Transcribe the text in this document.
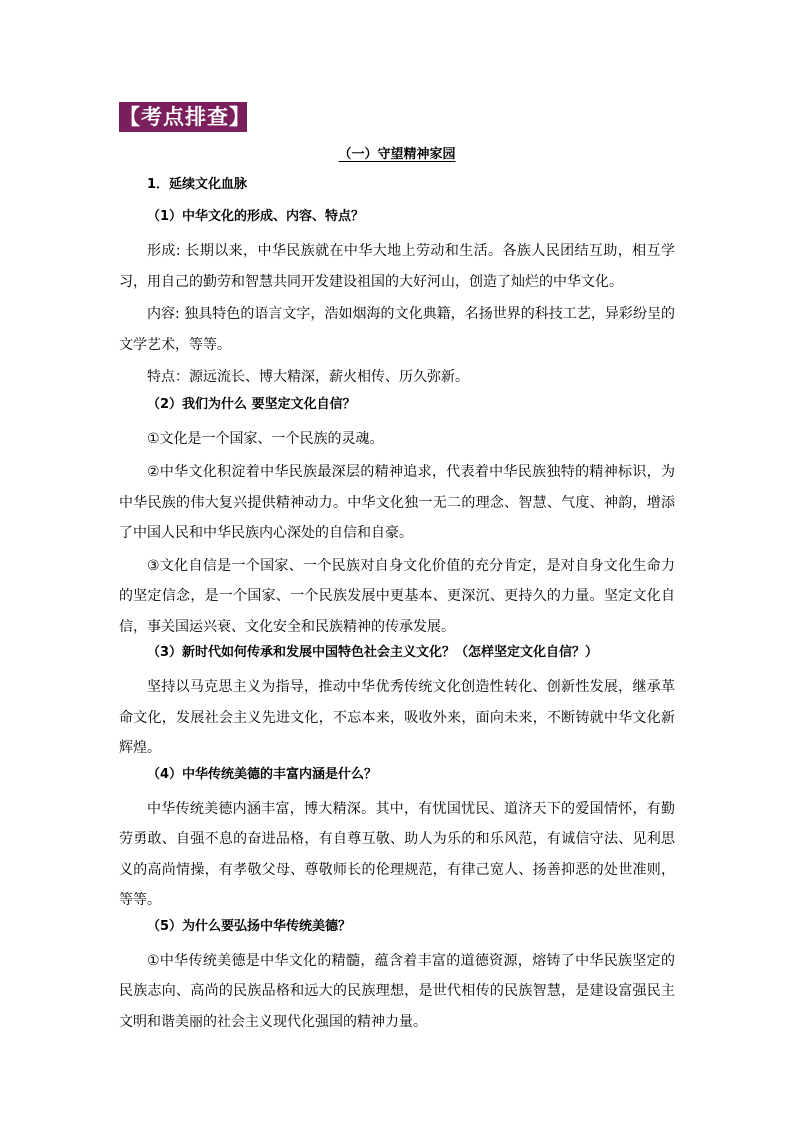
【考点排查】
（一）守望精神家园
1．延续文化血脉
（1）中华文化的形成、内容、特点？
形成: 长期以来，中华民族就在中华大地上劳动和生活。各族人民团结互助，相互学习，用自己的勤劳和智慧共同开发建设祖国的大好河山，创造了灿烂的中华文化。
内容: 独具特色的语言文字，浩如烟海的文化典籍，名扬世界的科技工艺，异彩纷呈的文学艺术，等等。
特点：源远流长、博大精深，薪火相传、历久弥新。
（2）我们为什么 要坚定文化自信？
①文化是一个国家、一个民族的灵魂。
②中华文化积淀着中华民族最深层的精神追求，代表着中华民族独特的精神标识，为中华民族的伟大复兴提供精神动力。中华文化独一无二的理念、智慧、气度、神韵，增添了中国人民和中华民族内心深处的自信和自豪。
③文化自信是一个国家、一个民族对自身文化价值的充分肯定，是对自身文化生命力的坚定信念，是一个国家、一个民族发展中更基本、更深沉、更持久的力量。坚定文化自信，事关国运兴衰、文化安全和民族精神的传承发展。
（3）新时代如何传承和发展中国特色社会主义文化？（怎样坚定文化自信？）
坚持以马克思主义为指导，推动中华优秀传统文化创造性转化、创新性发展，继承革命文化，发展社会主义先进文化，不忘本来，吸收外来，面向未来，不断铸就中华文化新辉煌。
（4）中华传统美德的丰富内涵是什么？
中华传统美德内涵丰富，博大精深。其中，有忧国忧民、道济天下的爱国情怀，有勤劳勇敢、自强不息的奋进品格，有自尊互敬、助人为乐的和乐风范，有诚信守法、见利思义的高尚情操，有孝敬父母、尊敬师长的伦理规范，有律己宽人、扬善抑恶的处世准则，等等。
（5）为什么要弘扬中华传统美德？
①中华传统美德是中华文化的精髓，蕴含着丰富的道德资源，熔铸了中华民族坚定的民族志向、高尚的民族品格和远大的民族理想，是世代相传的民族智慧，是建设富强民主文明和谐美丽的社会主义现代化强国的精神力量。
